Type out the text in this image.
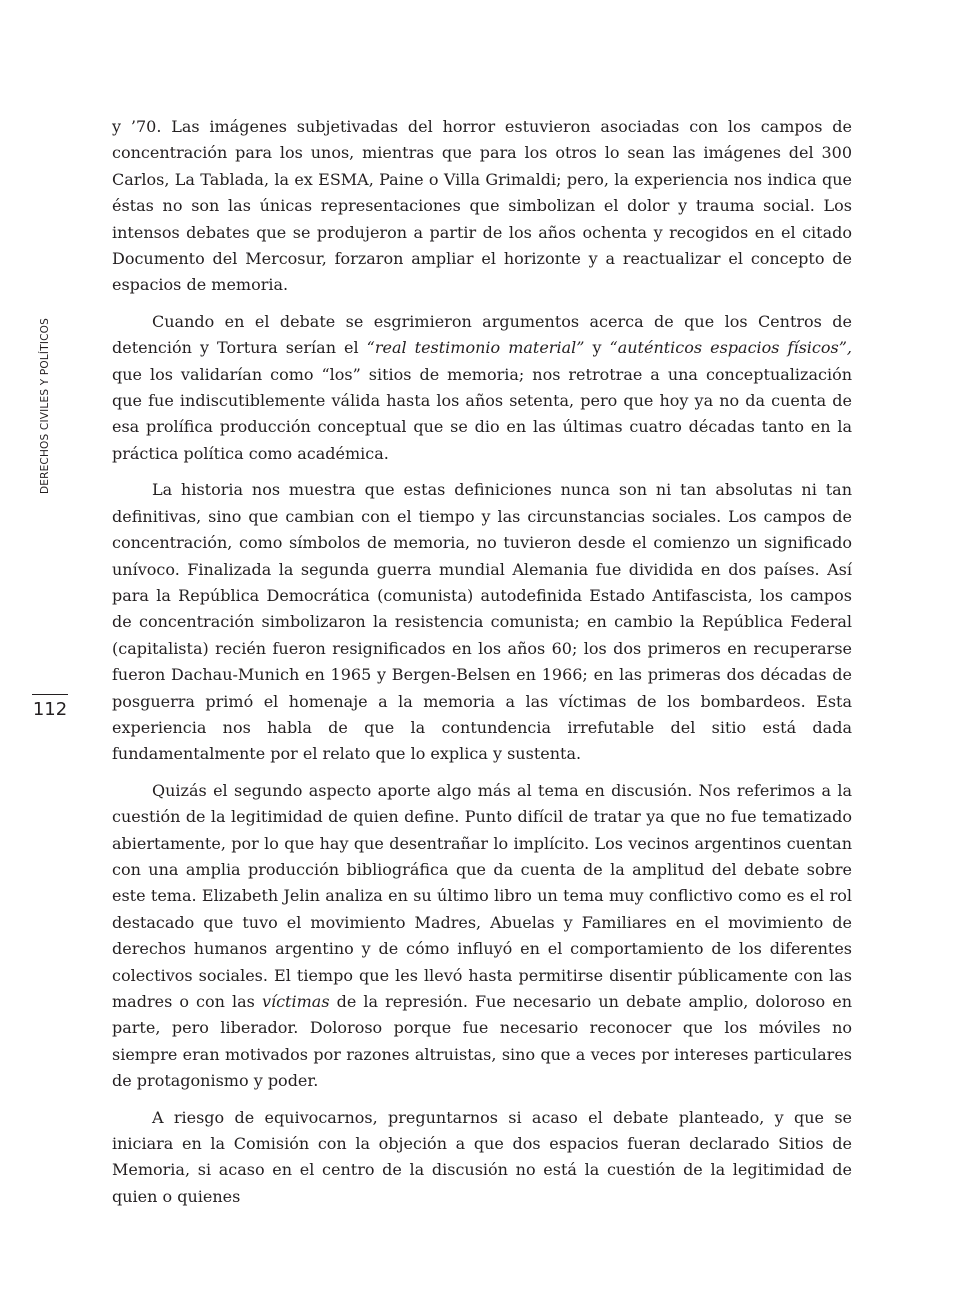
DERECHOS CIVILES Y POLÍTICOS
112

y ’70. Las imágenes subjetivadas del horror estuvieron asociadas con los campos de concentración para los unos, mientras que para los otros lo sean las imágenes del 300 Carlos, La Tablada, la ex ESMA, Paine o Villa Grimaldi; pero, la experiencia nos indica que éstas no son las únicas representaciones que simbolizan el dolor y trauma social. Los intensos debates que se produjeron a partir de los años ochenta y recogidos en el citado Documento del Mercosur, forzaron ampliar el horizonte y a reactualizar el concepto de espacios de memoria.

Cuando en el debate se esgrimieron argumentos acerca de que los Centros de detención y Tortura serían el “real testimonio material” y “auténticos espacios físicos”, que los validarían como “los” sitios de memoria; nos retrotrae a una conceptualización que fue indiscutiblemente válida hasta los años setenta, pero que hoy ya no da cuenta de esa prolífica producción conceptual que se dio en las últimas cuatro décadas tanto en la práctica política como académica.

La historia nos muestra que estas definiciones nunca son ni tan absolutas ni tan definitivas, sino que cambian con el tiempo y las circunstancias sociales. Los campos de concentración, como símbolos de memoria, no tuvieron desde el comienzo un significado unívoco. Finalizada la segunda guerra mundial Alemania fue dividida en dos países. Así para la República Democrática (comunista) autodefinida Estado Antifascista, los campos de concentración simbolizaron la resistencia comunista; en cambio la República Federal (capitalista) recién fueron resignificados en los años 60; los dos primeros en recuperarse fueron Dachau-Munich en 1965 y Bergen-Belsen en 1966; en las primeras dos décadas de posguerra primó el homenaje a la memoria a las víctimas de los bombardeos. Esta experiencia nos habla de que la contundencia irrefutable del sitio está dada fundamentalmente por el relato que lo explica y sustenta.

Quizás el segundo aspecto aporte algo más al tema en discusión. Nos referimos a la cuestión de la legitimidad de quien define. Punto difícil de tratar ya que no fue tematizado abiertamente, por lo que hay que desentrañar lo implícito. Los vecinos argentinos cuentan con una amplia producción bibliográfica que da cuenta de la amplitud del debate sobre este tema. Elizabeth Jelin analiza en su último libro un tema muy conflictivo como es el rol destacado que tuvo el movimiento Madres, Abuelas y Familiares en el movimiento de derechos humanos argentino y de cómo influyó en el comportamiento de los diferentes colectivos sociales. El tiempo que les llevó hasta permitirse disentir públicamente con las madres o con las víctimas de la represión. Fue necesario un debate amplio, doloroso en parte, pero liberador. Doloroso porque fue necesario reconocer que los móviles no siempre eran motivados por razones altruistas, sino que a veces por intereses particulares de protagonismo y poder.

A riesgo de equivocarnos, preguntarnos si acaso el debate planteado, y que se iniciara en la Comisión con la objeción a que dos espacios fueran declarado Sitios de Memoria, si acaso en el centro de la discusión no está la cuestión de la legitimidad de quien o quienes
